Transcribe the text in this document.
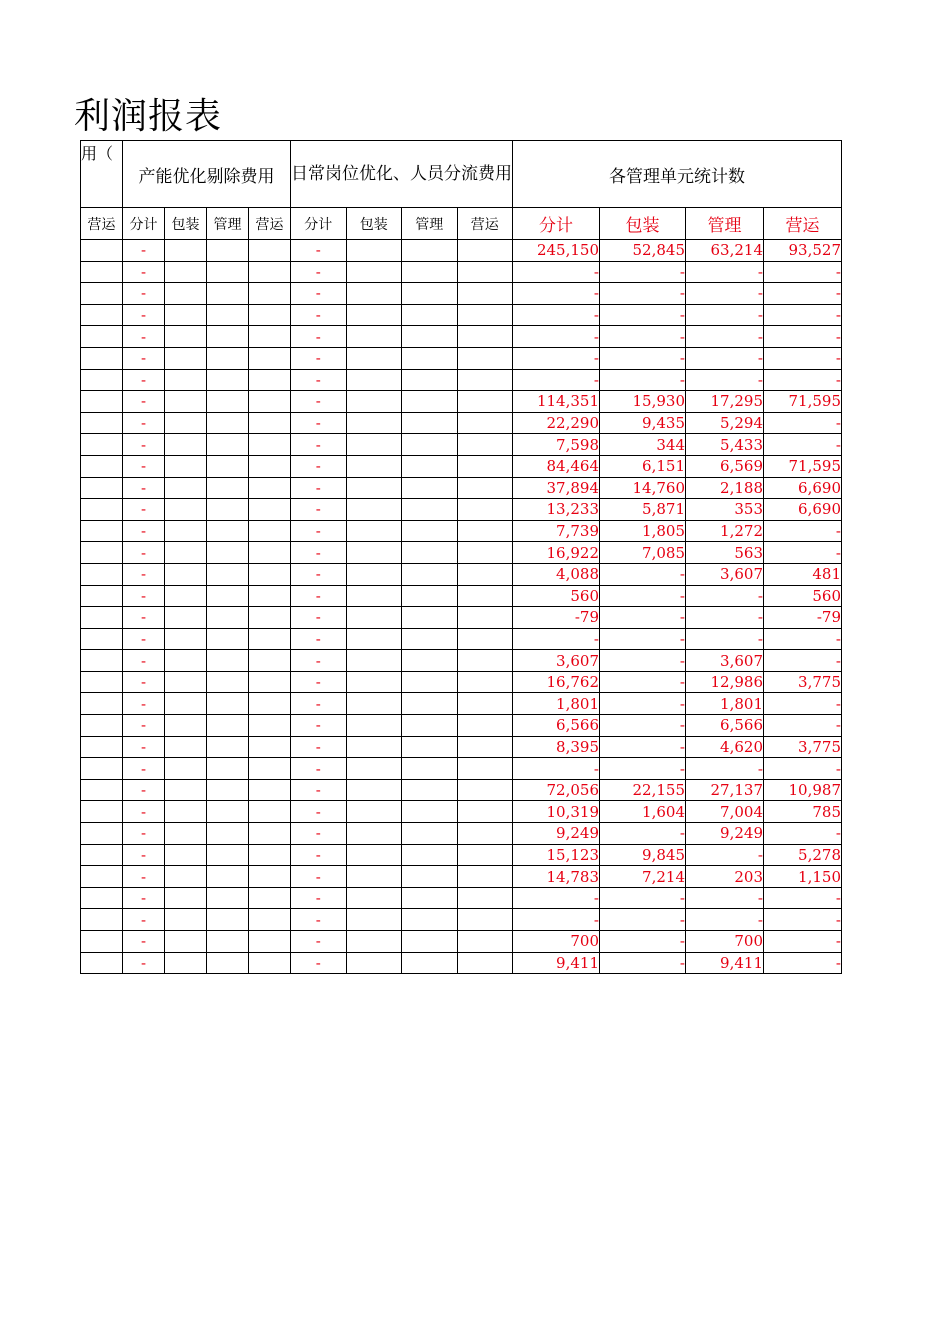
利润报表
用（	产能优化剔除费用				日常岗位优化、人员分流费用				各管理单元统计数			
营运	分计	包装	管理	营运	分计	包装	管理	营运	分计	包装	管理	营运
	-				-				245,150	52,845	63,214	93,527
	-				-				-	-	-	-
	-				-				-	-	-	-
	-				-				-	-	-	-
	-				-				-	-	-	-
	-				-				-	-	-	-
	-				-				-	-	-	-
	-				-				114,351	15,930	17,295	71,595
	-				-				22,290	9,435	5,294	-
	-				-				7,598	344	5,433	-
	-				-				84,464	6,151	6,569	71,595
	-				-				37,894	14,760	2,188	6,690
	-				-				13,233	5,871	353	6,690
	-				-				7,739	1,805	1,272	-
	-				-				16,922	7,085	563	-
	-				-				4,088	-	3,607	481
	-				-				560	-	-	560
	-				-				-79	-	-	-79
	-				-				-	-	-	-
	-				-				3,607	-	3,607	-
	-				-				16,762	-	12,986	3,775
	-				-				1,801	-	1,801	-
	-				-				6,566	-	6,566	-
	-				-				8,395	-	4,620	3,775
	-				-				-	-	-	-
	-				-				72,056	22,155	27,137	10,987
	-				-				10,319	1,604	7,004	785
	-				-				9,249	-	9,249	-
	-				-				15,123	9,845	-	5,278
	-				-				14,783	7,214	203	1,150
	-				-				-	-	-	-
	-				-				-	-	-	-
	-				-				700	-	700	-
	-				-				9,411	-	9,411	-
